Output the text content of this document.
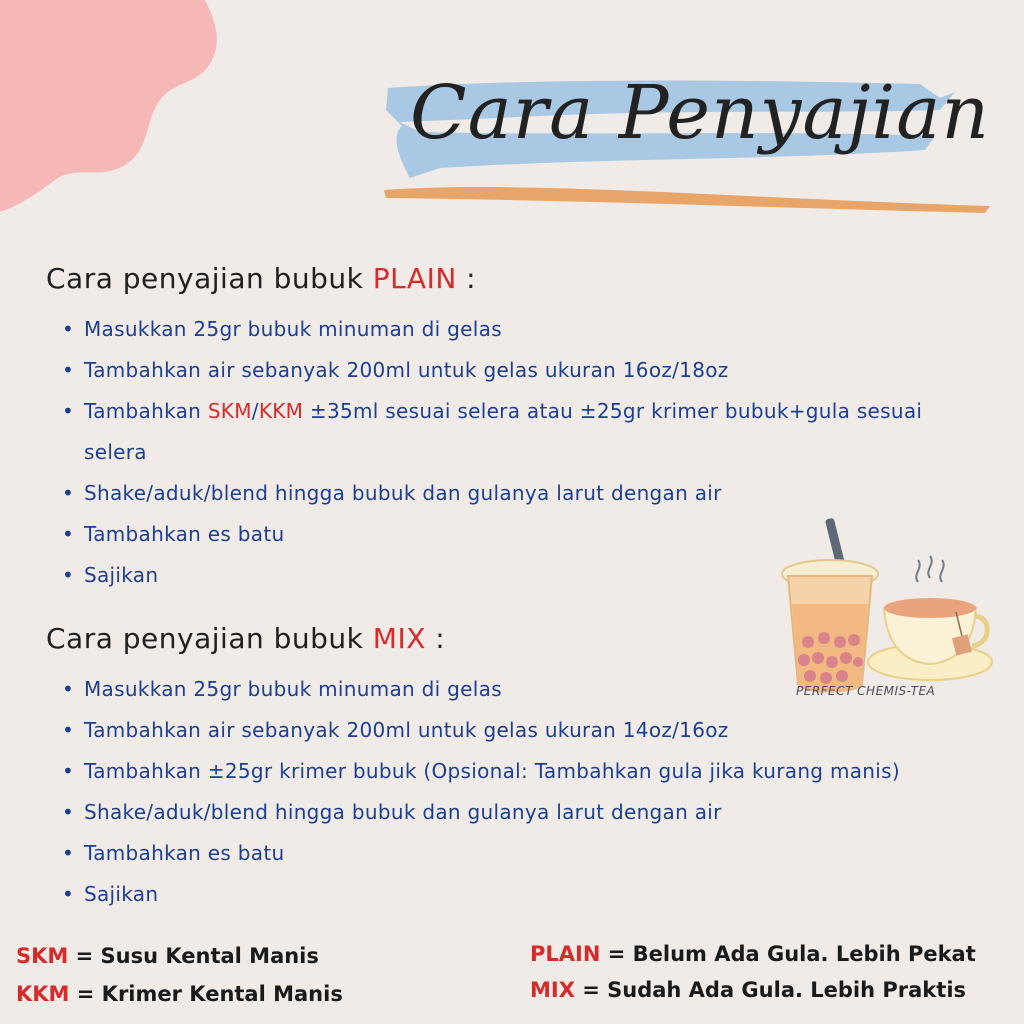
Cara Penyajian
Cara penyajian bubuk PLAIN :
• Masukkan 25gr bubuk minuman di gelas
• Tambahkan air sebanyak 200ml untuk gelas ukuran 16oz/18oz
• Tambahkan SKM/KKM ±35ml sesuai selera atau ±25gr krimer bubuk+gula sesuai selera
• Shake/aduk/blend hingga bubuk dan gulanya larut dengan air
• Tambahkan es batu
• Sajikan
Cara penyajian bubuk MIX :
• Masukkan 25gr bubuk minuman di gelas
• Tambahkan air sebanyak 200ml untuk gelas ukuran 14oz/16oz
• Tambahkan ±25gr krimer bubuk (Opsional: Tambahkan gula jika kurang manis)
• Shake/aduk/blend hingga bubuk dan gulanya larut dengan air
• Tambahkan es batu
• Sajikan
PERFECT CHEMIS-TEA
SKM = Susu Kental Manis
KKM = Krimer Kental Manis
PLAIN = Belum Ada Gula. Lebih Pekat
MIX = Sudah Ada Gula. Lebih Praktis
